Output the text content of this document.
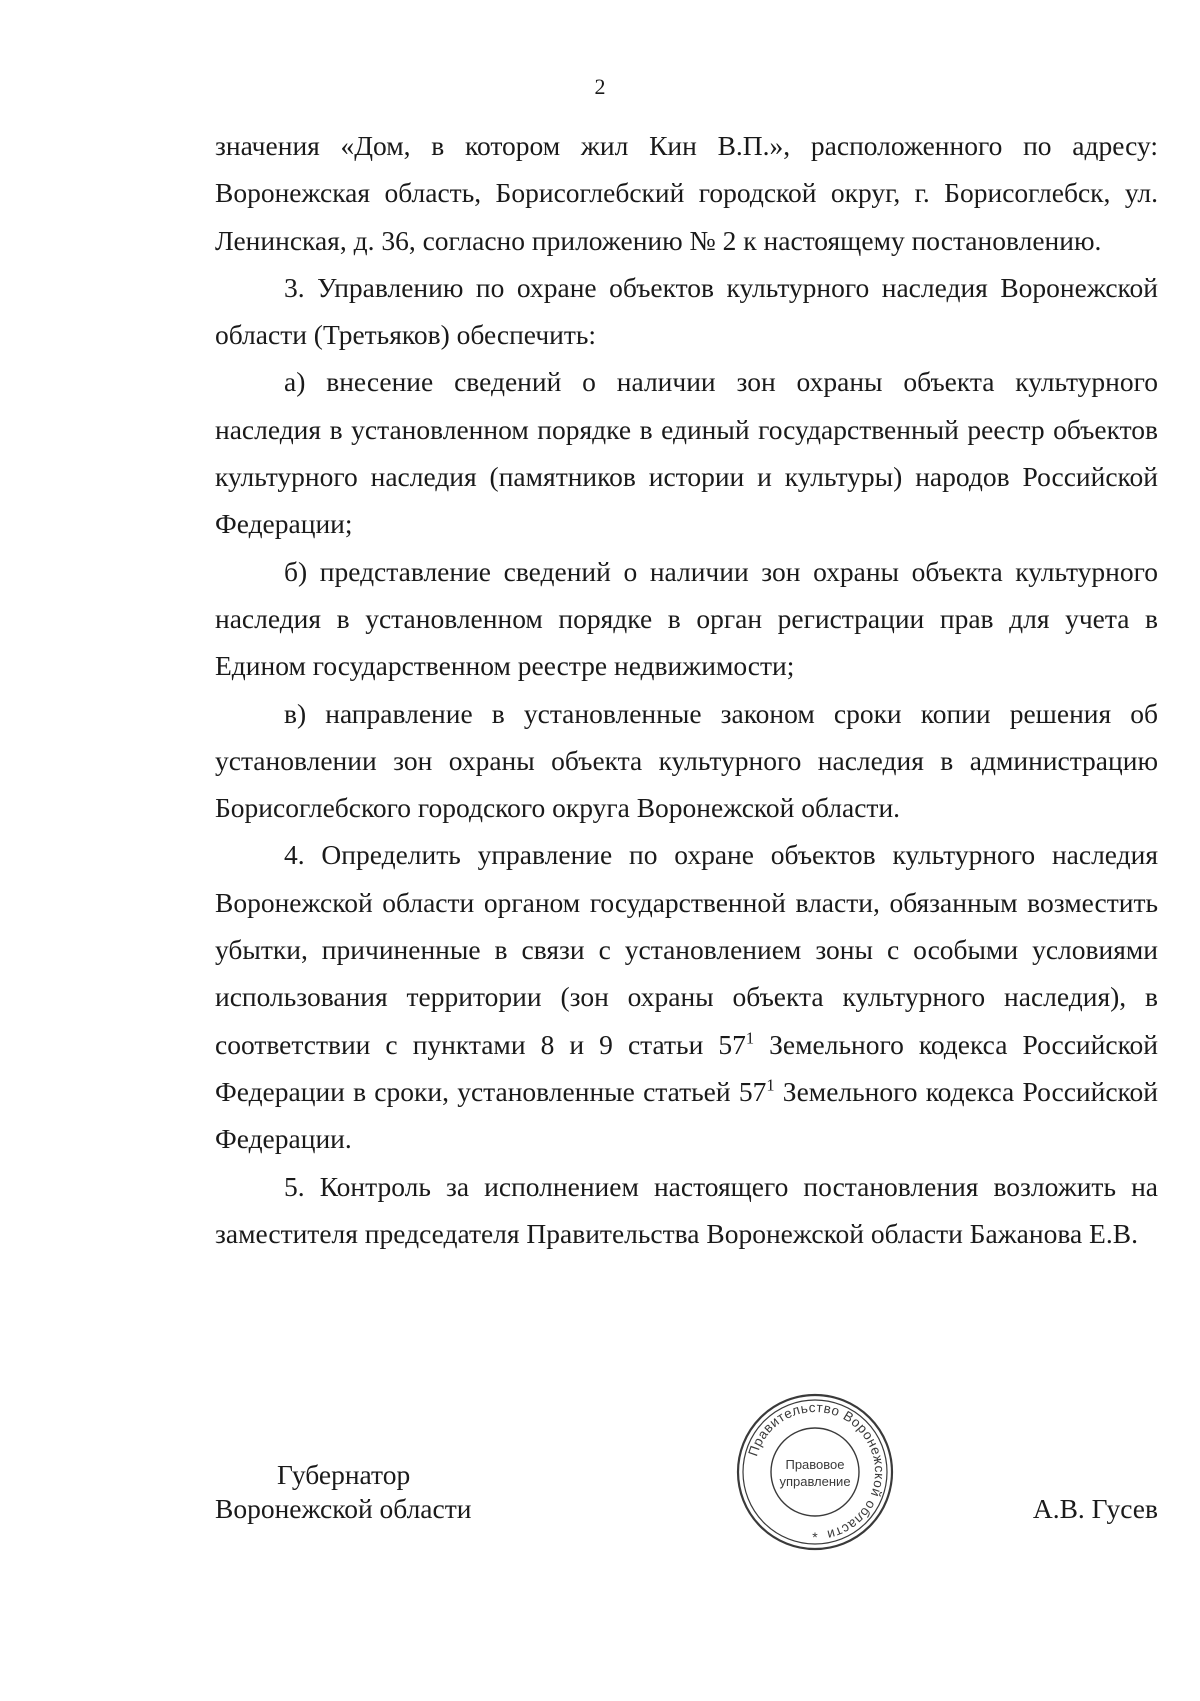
2

значения «Дом, в котором жил Кин В.П.», расположенного по адресу: Воронежская область, Борисоглебский городской округ, г. Борисоглебск, ул. Ленинская, д. 36, согласно приложению № 2 к настоящему постановлению.

3. Управлению по охране объектов культурного наследия Воронежской области (Третьяков) обеспечить:

а) внесение сведений о наличии зон охраны объекта культурного наследия в установленном порядке в единый государственный реестр объектов культурного наследия (памятников истории и культуры) народов Российской Федерации;

б) представление сведений о наличии зон охраны объекта культурного наследия в установленном порядке в орган регистрации прав для учета в Едином государственном реестре недвижимости;

в) направление в установленные законом сроки копии решения об установлении зон охраны объекта культурного наследия в администрацию Борисоглебского городского округа Воронежской области.

4. Определить управление по охране объектов культурного наследия Воронежской области органом государственной власти, обязанным возместить убытки, причиненные в связи с установлением зоны с особыми условиями использования территории (зон охраны объекта культурного наследия), в соответствии с пунктами 8 и 9 статьи $57^1$ Земельного кодекса Российской Федерации в сроки, установленные статьей $57^1$ Земельного кодекса Российской Федерации.

5. Контроль за исполнением настоящего постановления возложить на заместителя председателя Правительства Воронежской области Бажанова Е.В.

Губернатор
Воронежской области
Правительство Воронежской области
Правовое
управление
*
А.В. Гусев
